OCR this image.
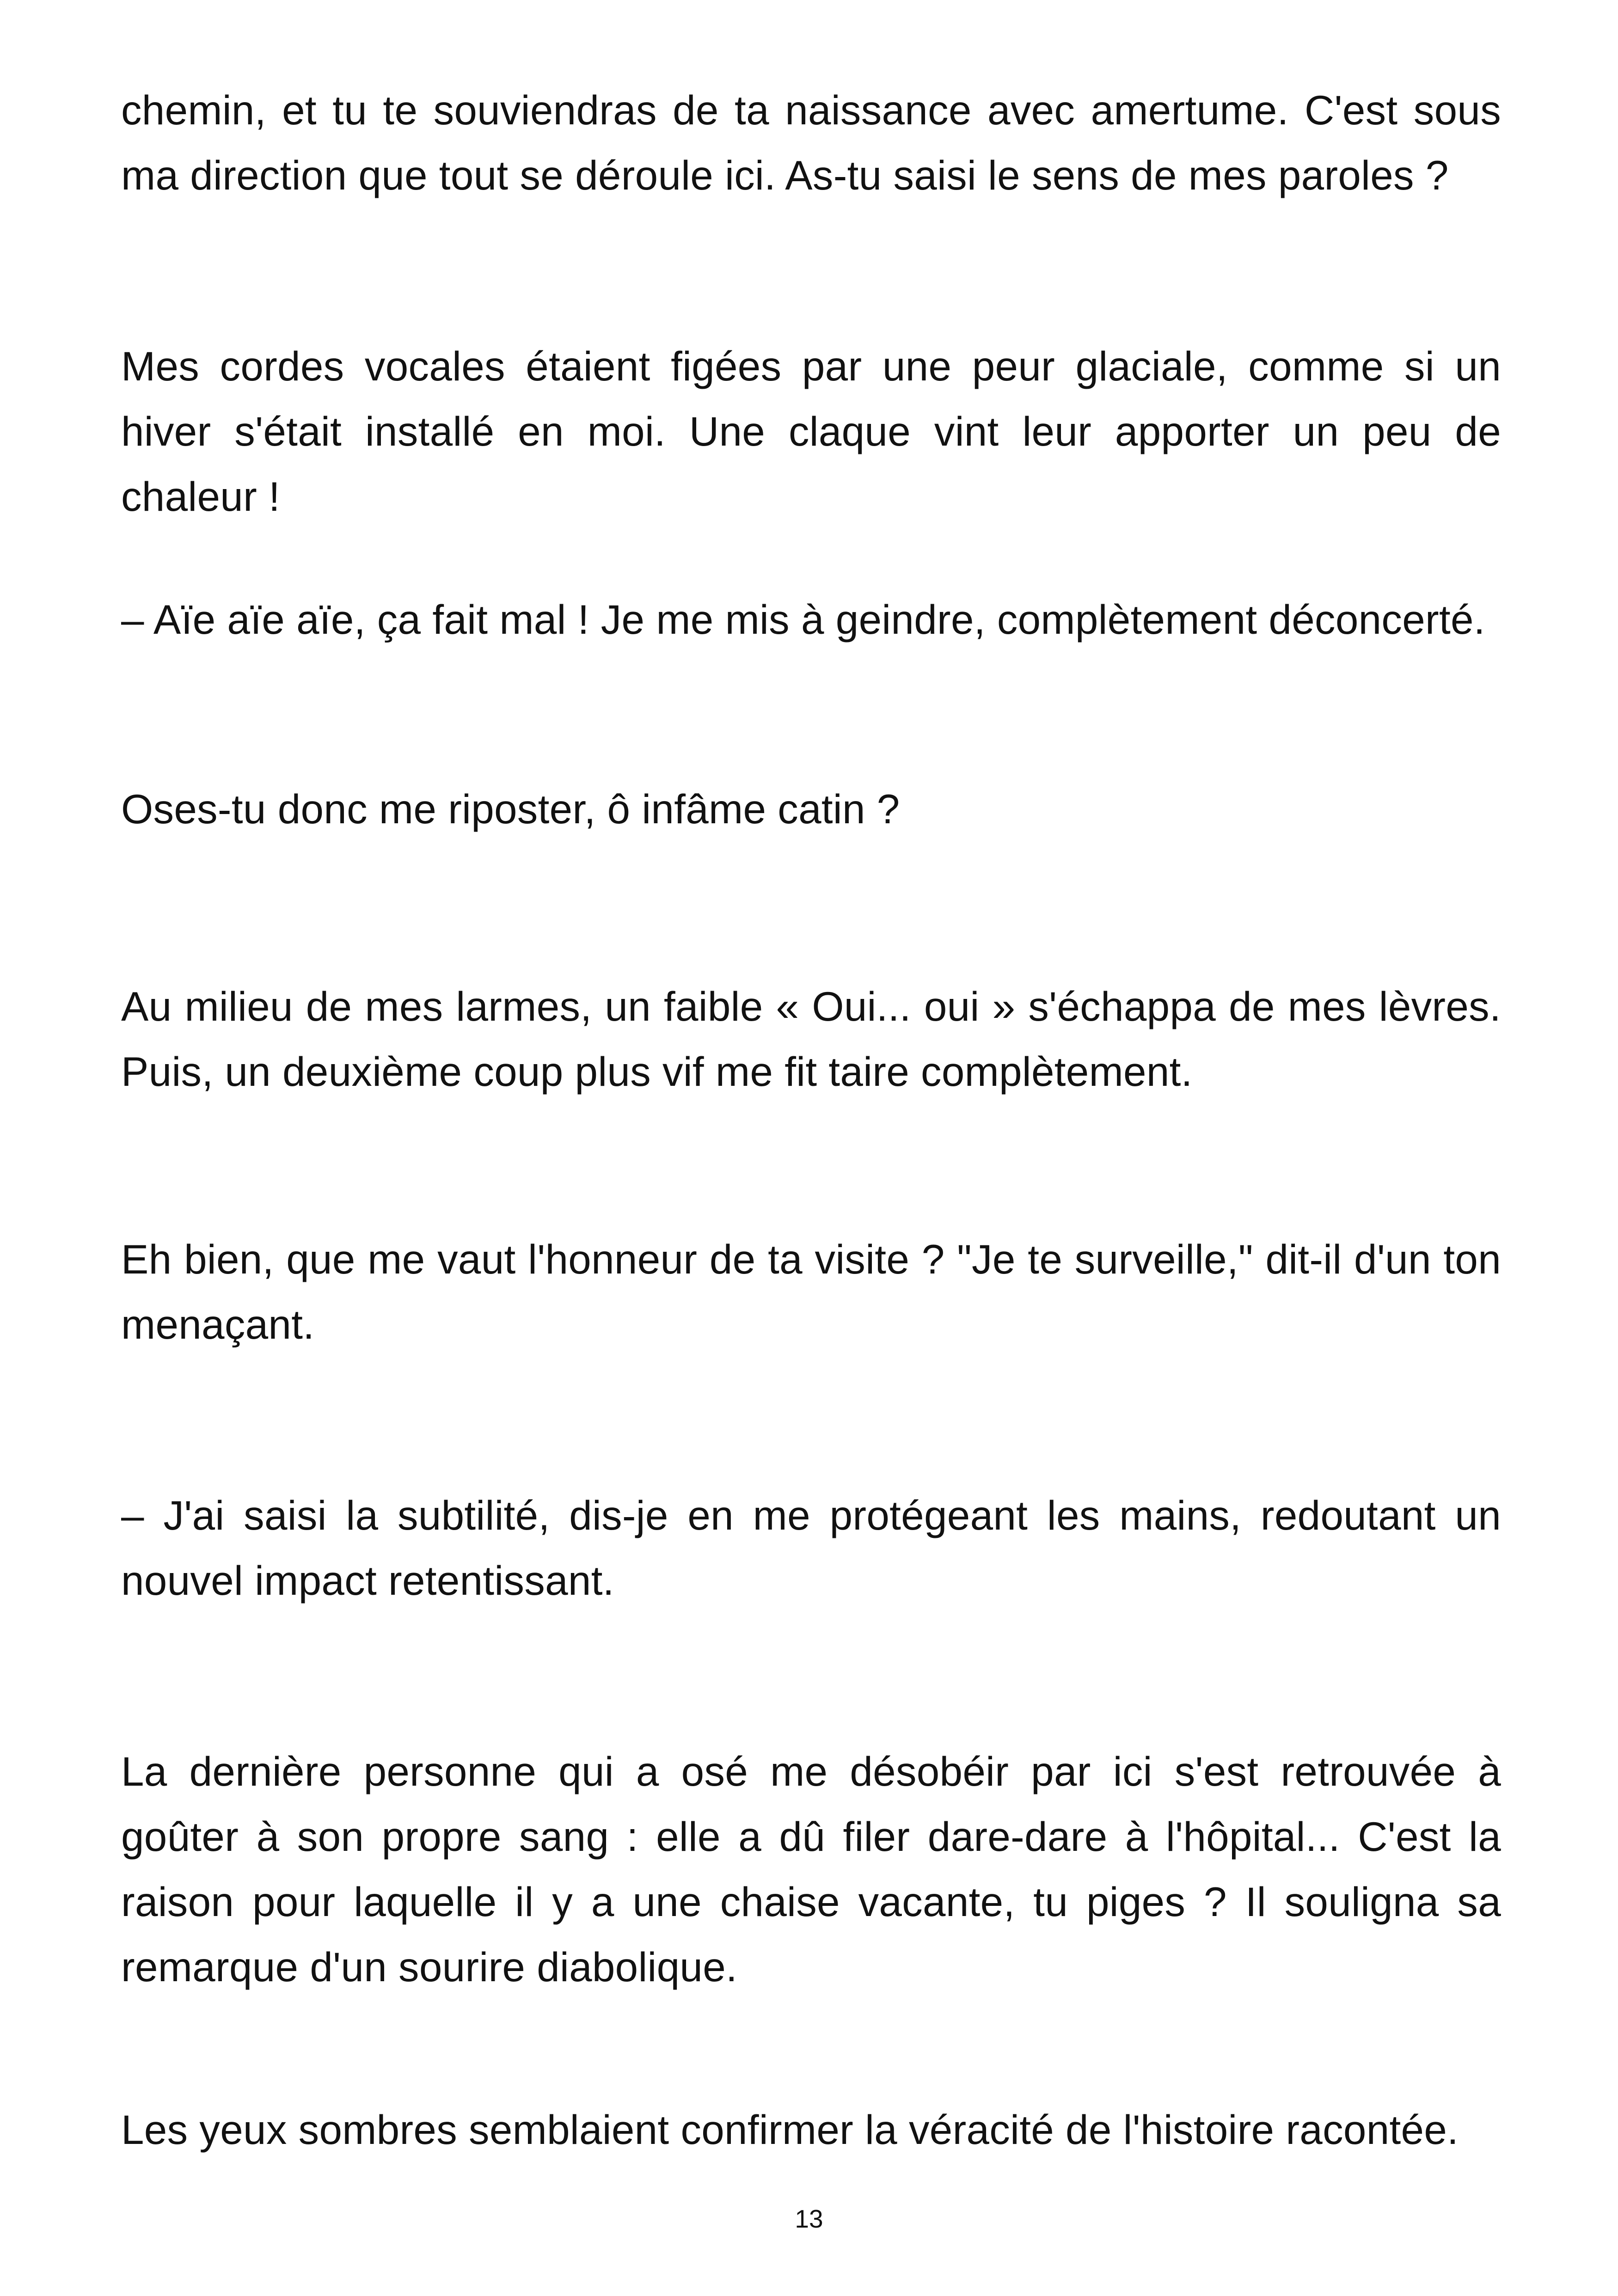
chemin, et tu te souviendras de ta naissance avec amertume. C'est sous ma direction que tout se déroule ici. As-tu saisi le sens de mes paroles ?

Mes cordes vocales étaient figées par une peur glaciale, comme si un hiver s'était installé en moi. Une claque vint leur apporter un peu de chaleur !

– Aïe aïe aïe, ça fait mal ! Je me mis à geindre, complètement déconcerté.

Oses-tu donc me riposter, ô infâme catin ?

Au milieu de mes larmes, un faible « Oui... oui » s'échappa de mes lèvres. Puis, un deuxième coup plus vif me fit taire complètement.

Eh bien, que me vaut l'honneur de ta visite ? "Je te surveille," dit-il d'un ton menaçant.

– J'ai saisi la subtilité, dis-je en me protégeant les mains, redoutant un nouvel impact retentissant.

La dernière personne qui a osé me désobéir par ici s'est retrouvée à goûter à son propre sang : elle a dû filer dare-dare à l'hôpital... C'est la raison pour laquelle il y a une chaise vacante, tu piges ? Il souligna sa remarque d'un sourire diabolique.

Les yeux sombres semblaient confirmer la véracité de l'histoire racontée.

13
